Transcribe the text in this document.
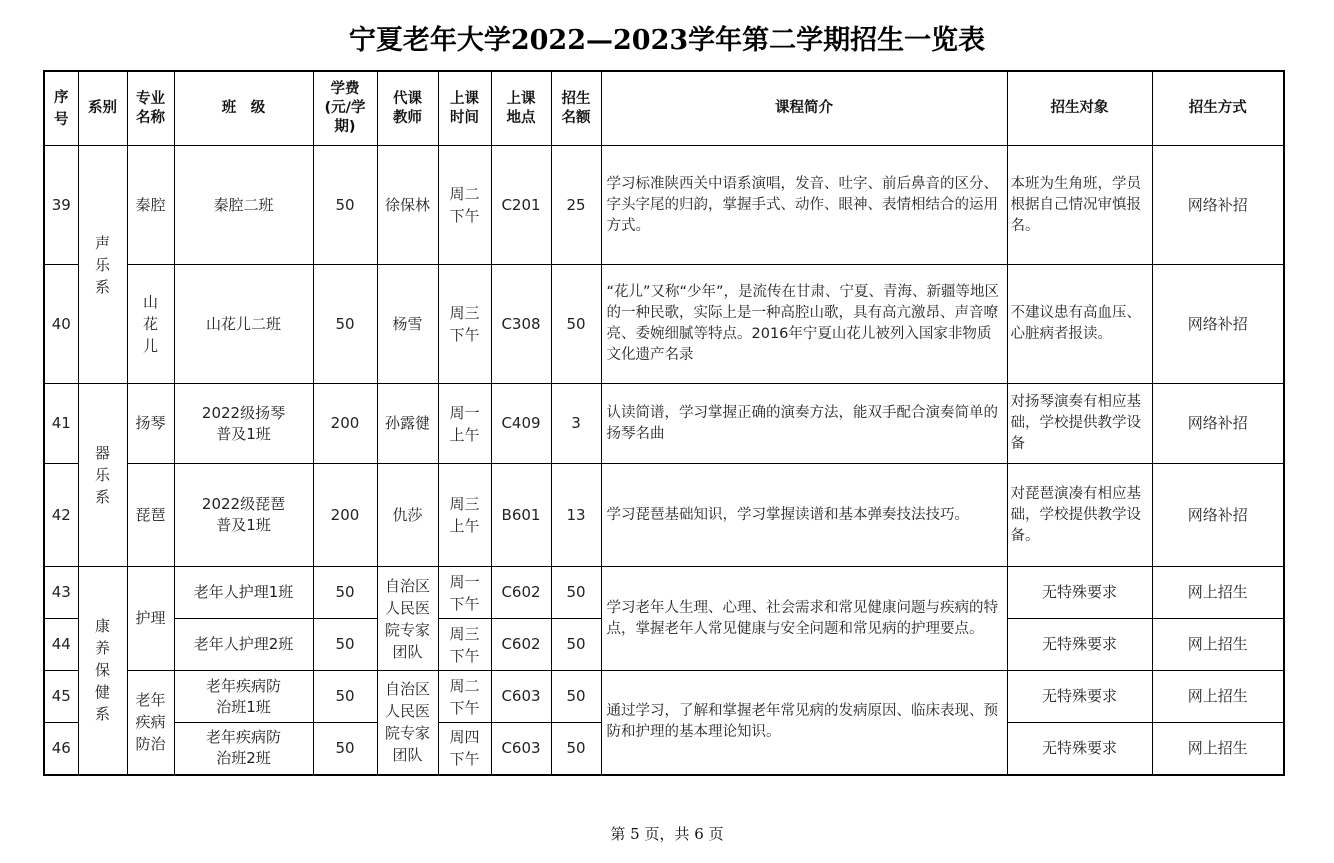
宁夏老年大学2022—2023学年第二学期招生一览表
序号	系别	专业名称	班　级	学费(元/学期)	代课教师	上课时间	上课地点	招生名额	课程简介	招生对象	招生方式
39	声乐系	秦腔	秦腔二班	50	徐保林	周二下午	C201	25	学习标准陕西关中语系演唱，发音、吐字、前后鼻音的区分、字头字尾的归韵，掌握手式、动作、眼神、表情相结合的运用方式。	本班为生角班，学员根据自己情况审慎报名。	网络补招
40		山花儿	山花儿二班	50	杨雪	周三下午	C308	50	“花儿”又称“少年”，是流传在甘肃、宁夏、青海、新疆等地区的一种民歌，实际上是一种高腔山歌，具有高亢激昂、声音嘹亮、委婉细腻等特点。2016年宁夏山花儿被列入国家非物质文化遗产名录	不建议患有高血压、心脏病者报读。	网络补招
41	器乐系	扬琴	2022级扬琴普及1班	200	孙露徤	周一上午	C409	3	认读简谱，学习掌握正确的演奏方法，能双手配合演奏简单的扬琴名曲	对扬琴演奏有相应基础，学校提供教学设备	网络补招
42		琵琶	2022级琵琶普及1班	200	仇莎	周三上午	B601	13	学习琵琶基础知识，学习掌握读谱和基本弹奏技法技巧。	对琵琶演凑有相应基础，学校提供教学设备。	网络补招
43	康养保健系	护理	老年人护理1班	50	自治区人民医院专家团队	周一下午	C602	50	学习老年人生理、心理、社会需求和常见健康问题与疾病的特点，掌握老年人常见健康与安全问题和常见病的护理要点。	无特殊要求	网上招生
44			老年人护理2班	50		周三下午	C602	50		无特殊要求	网上招生
45		老年疾病防治	老年疾病防治班1班	50	自治区人民医院专家团队	周二下午	C603	50	通过学习，了解和掌握老年常见病的发病原因、临床表现、预防和护理的基本理论知识。	无特殊要求	网上招生
46			老年疾病防治班2班	50		周四下午	C603	50		无特殊要求	网上招生
第 5 页，共 6 页
